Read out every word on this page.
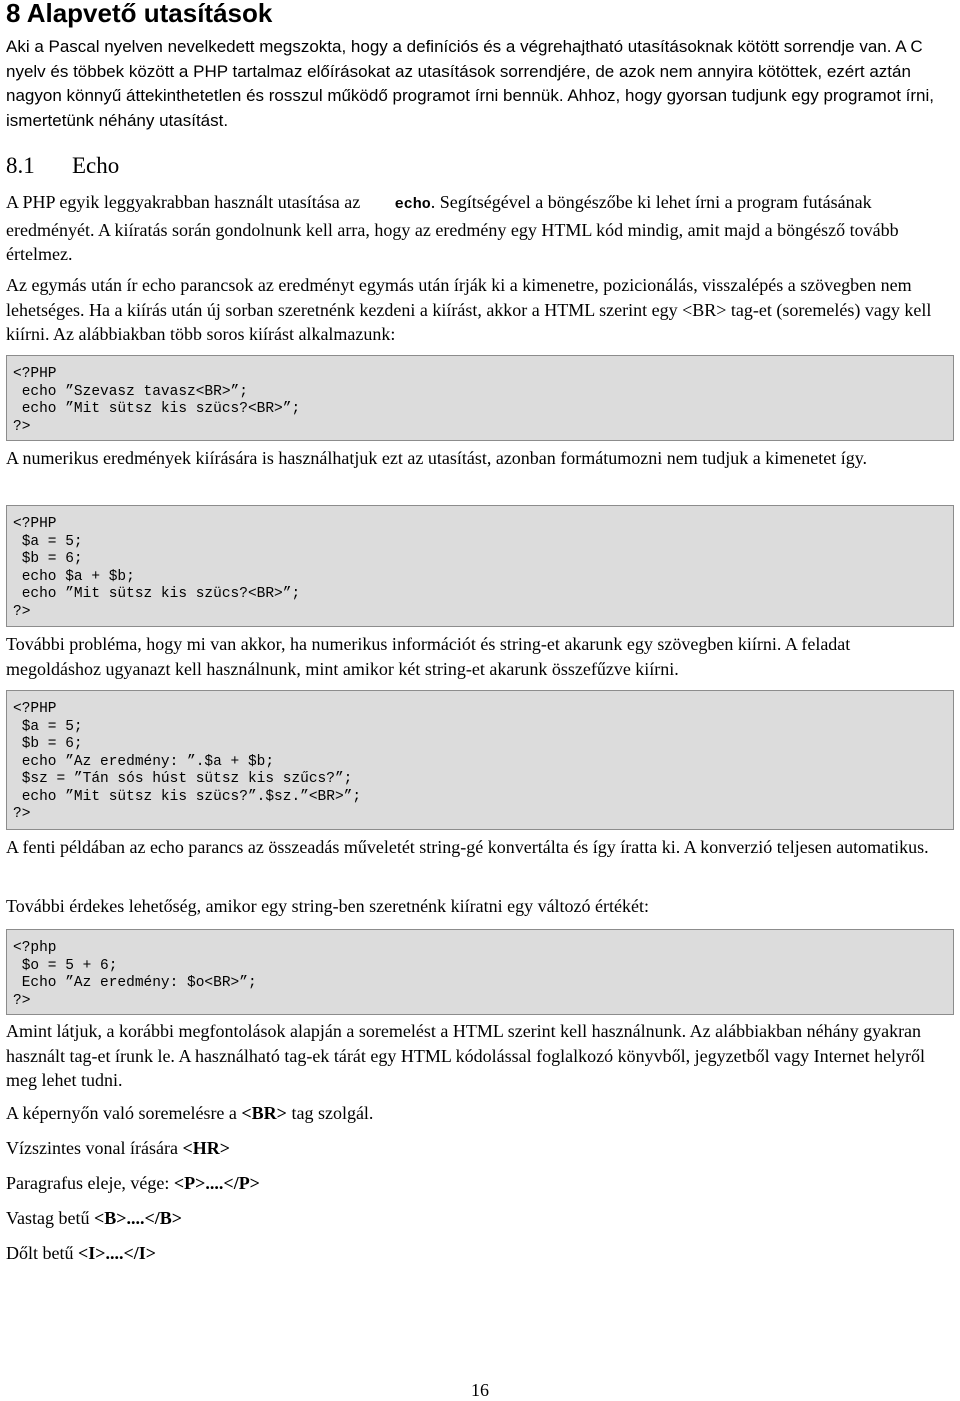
8 Alapvető utasítások

Aki a Pascal nyelven nevelkedett megszokta, hogy a definíciós és a végrehajtható utasításoknak kötött sorrendje van. A C nyelv és többek között a PHP tartalmaz előírásokat az utasítások sorrendjére, de azok nem annyira kötöttek, ezért aztán nagyon könnyű áttekinthetetlen és rosszul működő programot írni bennük. Ahhoz, hogy gyorsan tudjunk egy programot írni, ismertetünk néhány utasítást.

8.1 Echo

A PHP egyik leggyakrabban használt utasítása az echo. Segítségével a böngészőbe ki lehet írni a program futásának eredményét. A kiíratás során gondolnunk kell arra, hogy az eredmény egy HTML kód mindig, amit majd a böngésző tovább értelmez.

Az egymás után ír echo parancsok az eredményt egymás után írják ki a kimenetre, pozicionálás, visszalépés a szövegben nem lehetséges. Ha a kiírás után új sorban szeretnénk kezdeni a kiírást, akkor a HTML szerint egy <BR> tag-et (soremelés) vagy kell kiírni. Az alábbiakban több soros kiírást alkalmazunk:

<?PHP
echo ”Szevasz tavasz<BR>”;
echo ”Mit sütsz kis szücs?<BR>”;
?>

A numerikus eredmények kiírására is használhatjuk ezt az utasítást, azonban formátumozni nem tudjuk a kimenetet így.

<?PHP
$a = 5;
$b = 6;
echo $a + $b;
echo ”Mit sütsz kis szücs?<BR>”;
?>

További probléma, hogy mi van akkor, ha numerikus információt és string-et akarunk egy szövegben kiírni. A feladat megoldáshoz ugyanazt kell használnunk, mint amikor két string-et akarunk összefűzve kiírni.

<?PHP
$a = 5;
$b = 6;
echo ”Az eredmény: ”.$a + $b;
$sz = ”Tán sós húst sütsz kis szűcs?”;
echo ”Mit sütsz kis szücs?”.$sz.”<BR>”;
?>

A fenti példában az echo parancs az összeadás műveletét string-gé konvertálta és így íratta ki. A konverzió teljesen automatikus.

További érdekes lehetőség, amikor egy string-ben szeretnénk kiíratni egy változó értékét:

<?php
$o = 5 + 6;
Echo ”Az eredmény: $o<BR>”;
?>

Amint látjuk, a korábbi megfontolások alapján a soremelést a HTML szerint kell használnunk. Az alábbiakban néhány gyakran használt tag-et írunk le. A használható tag-ek tárát egy HTML kódolással foglalkozó könyvből, jegyzetből vagy Internet helyről meg lehet tudni.

A képernyőn való soremelésre a <BR> tag szolgál.

Vízszintes vonal írására <HR>

Paragrafus eleje, vége: <P>....</P>

Vastag betű <B>....</B>

Dőlt betű <I>....</I>

16
